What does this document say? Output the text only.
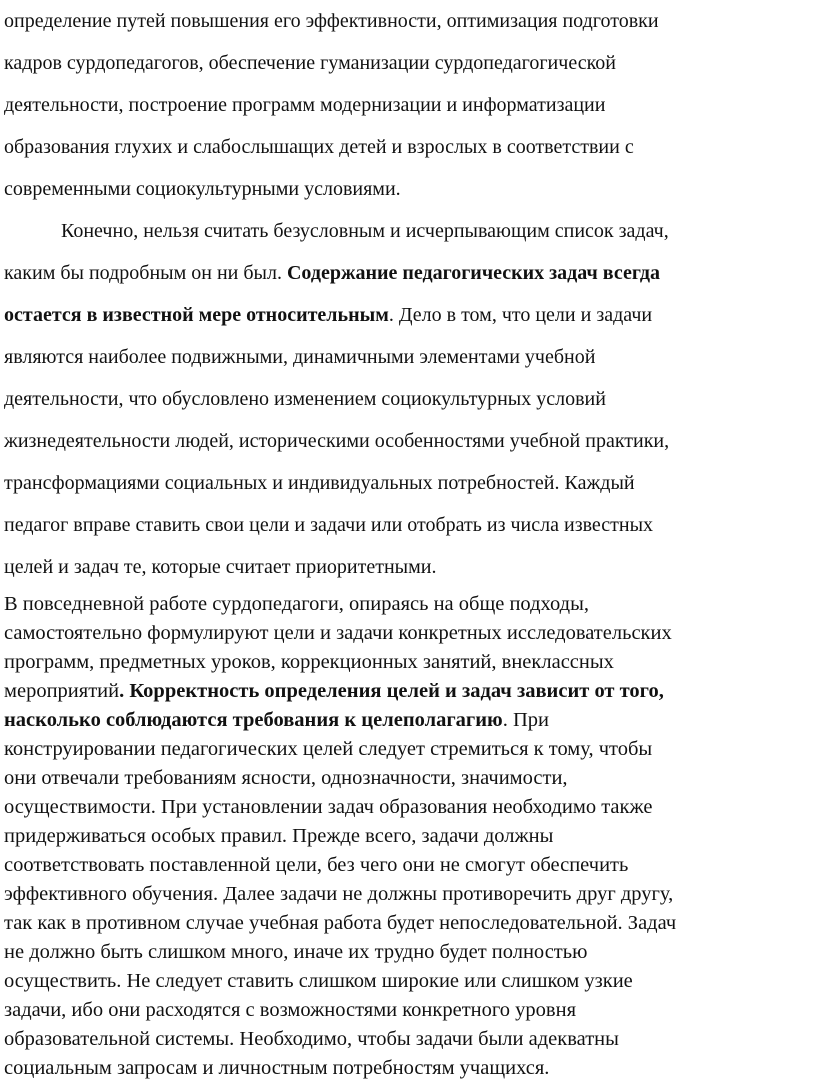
определение путей повышения его эффективности, оптимизация подготовки
кадров сурдопедагогов, обеспечение гуманизации сурдопедагогической
деятельности, построение программ модернизации и информатизации
образования глухих и слабослышащих детей и взрослых в соответствии с
современными социокультурными условиями.
Конечно, нельзя считать безусловным и исчерпывающим список задач,
каким бы подробным он ни был. Содержание педагогических задач всегда
остается в известной мере относительным. Дело в том, что цели и задачи
являются наиболее подвижными, динамичными элементами учебной
деятельности, что обусловлено изменением социокультурных условий
жизнедеятельности людей, историческими особенностями учебной практики,
трансформациями социальных и индивидуальных потребностей. Каждый
педагог вправе ставить свои цели и задачи или отобрать из числа известных
целей и задач те, которые считает приоритетными.
В повседневной работе сурдопедагоги, опираясь на обще подходы,
самостоятельно формулируют цели и задачи конкретных исследовательских
программ, предметных уроков, коррекционных занятий, внеклассных
мероприятий. Корректность определения целей и задач зависит от того,
насколько соблюдаются требования к целеполагагию. При
конструировании педагогических целей следует стремиться к тому, чтобы
они отвечали требованиям ясности, однозначности, значимости,
осуществимости. При установлении задач образования необходимо также
придерживаться особых правил. Прежде всего, задачи должны
соответствовать поставленной цели, без чего они не смогут обеспечить
эффективного обучения. Далее задачи не должны противоречить друг другу,
так как в противном случае учебная работа будет непоследовательной. Задач
не должно быть слишком много, иначе их трудно будет полностью
осуществить. Не следует ставить слишком широкие или слишком узкие
задачи, ибо они расходятся с возможностями конкретного уровня
образовательной системы. Необходимо, чтобы задачи были адекватны
социальным запросам и личностным потребностям учащихся.
